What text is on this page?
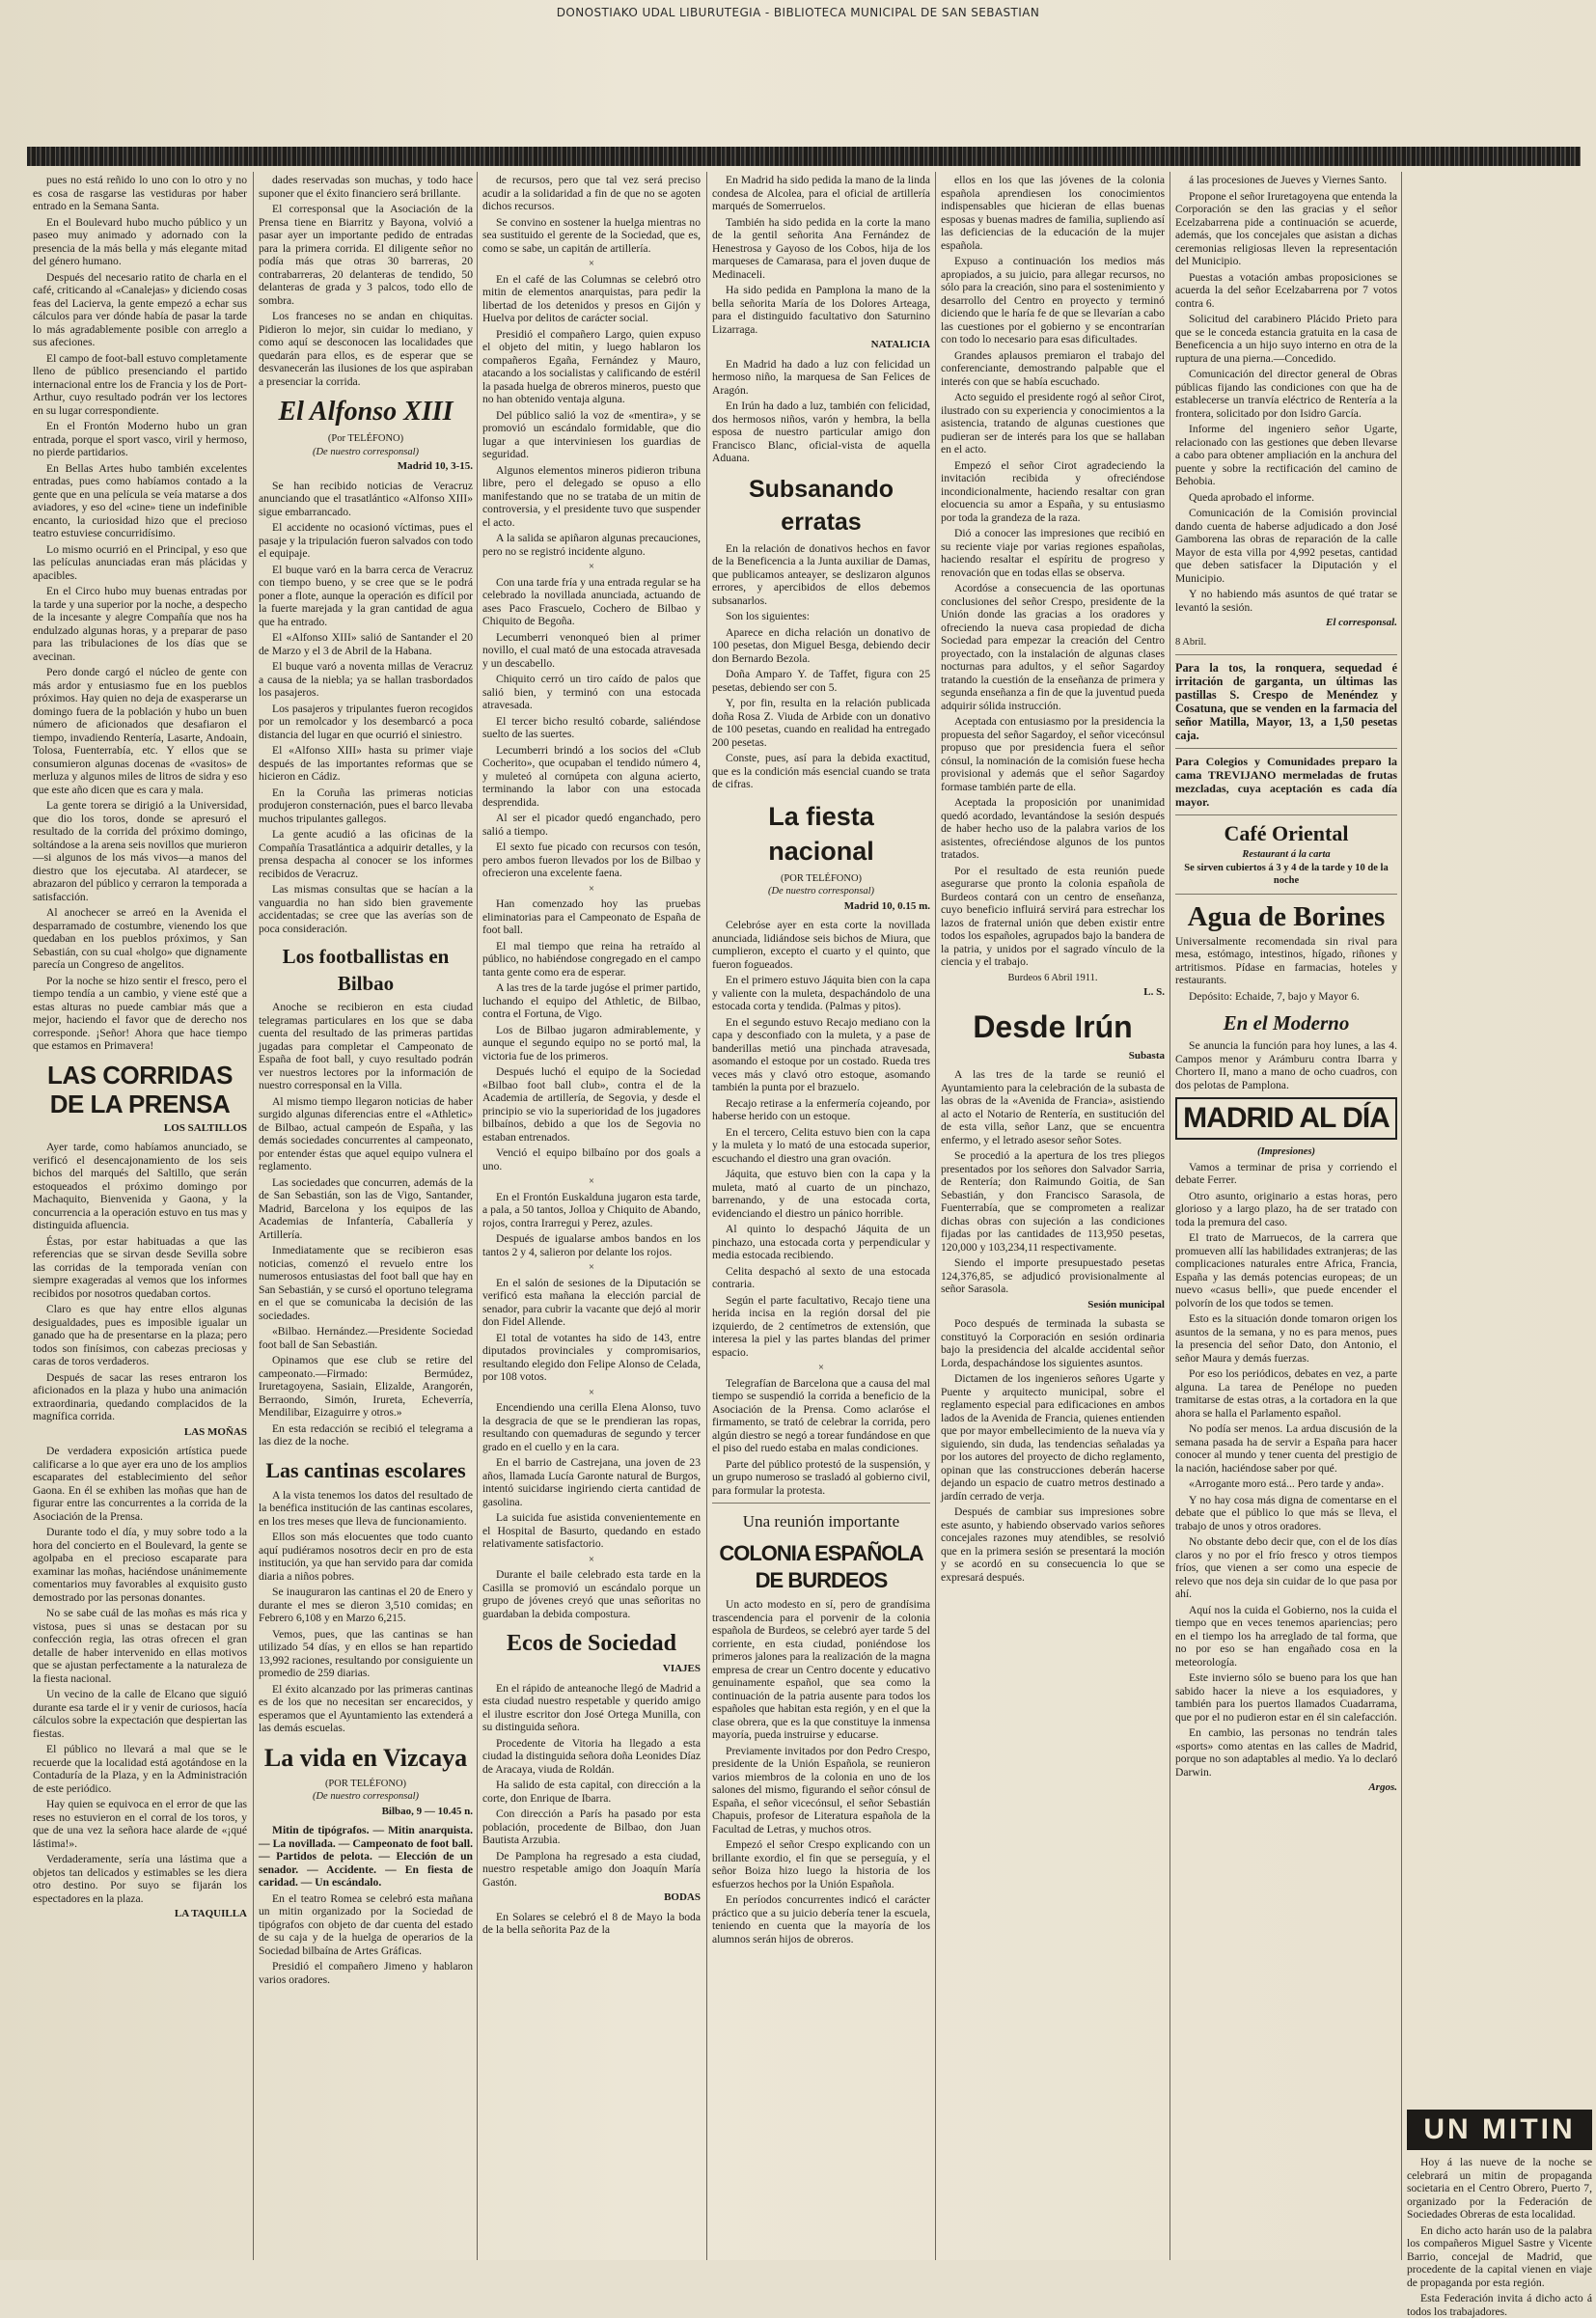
DONOSTIAKO UDAL LIBURUTEGIA - BIBLIOTECA MUNICIPAL DE SAN SEBASTIAN

pues no está reñido lo uno con lo otro y no es cosa de rasgarse las vestiduras por haber entrado en la Semana Santa.

En el Boulevard hubo mucho público y un paseo muy animado y adornado con la presencia de la más bella y más elegante mitad del género humano.

Después del necesario ratito de charla en el café, criticando al «Canalejas» y diciendo cosas feas del Lacierva, la gente empezó a echar sus cálculos para ver dónde había de pasar la tarde lo más agradablemente posible con arreglo a sus afeciones.

El campo de foot-ball estuvo completamente lleno de público presenciando el partido internacional entre los de Francia y los de Port-Arthur, cuyo resultado podrán ver los lectores en su lugar correspondiente.

En el Frontón Moderno hubo un gran entrada, porque el sport vasco, viril y hermoso, no pierde partidarios.

En Bellas Artes hubo también excelentes entradas, pues como habíamos contado a la gente que en una película se veía matarse a dos aviadores, y eso del «cine» tiene un indefinible encanto, la curiosidad hizo que el precioso teatro estuviese concurridísimo.

Lo mismo ocurrió en el Principal, y eso que las películas anunciadas eran más plácidas y apacibles.

En el Circo hubo muy buenas entradas por la tarde y una superior por la noche, a despecho de la incesante y alegre Compañía que nos ha endulzado algunas horas, y a preparar de paso para las tribulaciones de los días que se avecinan.

Pero donde cargó el núcleo de gente con más ardor y entusiasmo fue en los pueblos próximos. Hay quien no deja de exasperarse un domingo fuera de la población y hubo un buen número de aficionados que desafiaron el tiempo, invadiendo Rentería, Lasarte, Andoain, Tolosa, Fuenterrabía, etc. Y ellos que se consumieron algunas docenas de «vasitos» de merluza y algunos miles de litros de sidra y eso que este año dicen que es cara y mala.

La gente torera se dirigió a la Universidad, que dio los toros, donde se apresuró el resultado de la corrida del próximo domingo, soltándose a la arena seis novillos que murieron—si algunos de los más vivos—a manos del diestro que los ejecutaba. Al atardecer, se abrazaron del público y cerraron la temporada a satisfacción.

Al anochecer se arreó en la Avenida el desparramado de costumbre, vienendo los que quedaban en los pueblos próximos, y San Sebastián, con su cual «holgo» que dignamente parecía un Congreso de angelitos.

Por la noche se hizo sentir el fresco, pero el tiempo tendía a un cambio, y viene esté que a estas alturas no puede cambiar más que a mejor, haciendo el favor que de derecho nos corresponde. ¡Señor! Ahora que hace tiempo que estamos en Primavera!

LAS CORRIDAS DE LA PRENSA
LOS SALTILLOS

Ayer tarde, como habíamos anunciado, se verificó el desencajonamiento de los seis bichos del marqués del Saltillo, que serán estoqueados el próximo domingo por Machaquito, Bienvenida y Gaona, y la concurrencia a la operación estuvo en tus mas y distinguida afluencia.

Éstas, por estar habituadas a que las referencias que se sirvan desde Sevilla sobre las corridas de la temporada venían con siempre exageradas al vemos que los informes recibidos por nosotros quedaban cortos.

Claro es que hay entre ellos algunas desigualdades, pues es imposible igualar un ganado que ha de presentarse en la plaza; pero todos son finísimos, con cabezas preciosas y caras de toros verdaderos.

Después de sacar las reses entraron los aficionados en la plaza y hubo una animación extraordinaria, quedando complacidos de la magnífica corrida.

LAS MOÑAS

De verdadera exposición artística puede calificarse a lo que ayer era uno de los amplios escaparates del establecimiento del señor Gaona. En él se exhiben las moñas que han de figurar entre las concurrentes a la corrida de la Asociación de la Prensa.

Durante todo el día, y muy sobre todo a la hora del concierto en el Boulevard, la gente se agolpaba en el precioso escaparate para examinar las moñas, haciéndose unánimemente comentarios muy favorables al exquisito gusto demostrado por las personas donantes.

No se sabe cuál de las moñas es más rica y vistosa, pues si unas se destacan por su confección regia, las otras ofrecen el gran detalle de haber intervenido en ellas motivos que se ajustan perfectamente a la naturaleza de la fiesta nacional.

Un vecino de la calle de Elcano que siguió durante esa tarde el ir y venir de curiosos, hacía cálculos sobre la expectación que despiertan las fiestas.

El público no llevará a mal que se le recuerde que la localidad está agotándose en la Contaduría de la Plaza, y en la Administración de este periódico.

Hay quien se equivoca en el error de que las reses no estuvieron en el corral de los toros, y que de una vez la señora hace alarde de «¡qué lástima!».

Verdaderamente, sería una lástima que a objetos tan delicados y estimables se les diera otro destino. Por suyo se fijarán los espectadores en la plaza.

LA TAQUILLA

dades reservadas son muchas, y todo hace suponer que el éxito financiero será brillante.

El corresponsal que la Asociación de la Prensa tiene en Biarritz y Bayona, volvió a pasar ayer un importante pedido de entradas para la primera corrida. El diligente señor no podía más que otras 30 barreras, 20 contrabarreras, 20 delanteras de tendido, 50 delanteras de grada y 3 palcos, todo ello de sombra.

Los franceses no se andan en chiquitas. Pidieron lo mejor, sin cuidar lo mediano, y como aquí se desconocen las localidades que quedarán para ellos, es de esperar que se desvanecerán las ilusiones de los que aspiraban a presenciar la corrida.

El Alfonso XIII
(Por TELÉFONO)
(De nuestro corresponsal)
Madrid 10, 3-15.

Se han recibido noticias de Veracruz anunciando que el trasatlántico «Alfonso XIII» sigue embarrancado.

El accidente no ocasionó víctimas, pues el pasaje y la tripulación fueron salvados con todo el equipaje.

El buque varó en la barra cerca de Veracruz con tiempo bueno, y se cree que se le podrá poner a flote, aunque la operación es difícil por la fuerte marejada y la gran cantidad de agua que ha entrado.

El «Alfonso XIII» salió de Santander el 20 de Marzo y el 3 de Abril de la Habana.

El buque varó a noventa millas de Veracruz a causa de la niebla; ya se hallan trasbordados los pasajeros.

Los pasajeros y tripulantes fueron recogidos por un remolcador y los desembarcó a poca distancia del lugar en que ocurrió el siniestro.

El «Alfonso XIII» hasta su primer viaje después de las importantes reformas que se hicieron en Cádiz.

En la Coruña las primeras noticias produjeron consternación, pues el barco llevaba muchos tripulantes gallegos.

La gente acudió a las oficinas de la Compañía Trasatlántica a adquirir detalles, y la prensa despacha al conocer se los informes recibidos de Veracruz.

Las mismas consultas que se hacían a la vanguardia no han sido bien gravemente accidentadas; se cree que las averías son de poca consideración.

Los footballistas en Bilbao

Anoche se recibieron en esta ciudad telegramas particulares en los que se daba cuenta del resultado de las primeras partidas jugadas para completar el Campeonato de España de foot ball, y cuyo resultado podrán ver nuestros lectores por la información de nuestro corresponsal en la Villa.

Al mismo tiempo llegaron noticias de haber surgido algunas diferencias entre el «Athletic» de Bilbao, actual campeón de España, y las demás sociedades concurrentes al campeonato, por entender éstas que aquel equipo vulnera el reglamento.

Las sociedades que concurren, además de la de San Sebastián, son las de Vigo, Santander, Madrid, Barcelona y los equipos de las Academias de Infantería, Caballería y Artillería.

Inmediatamente que se recibieron esas noticias, comenzó el revuelo entre los numerosos entusiastas del foot ball que hay en San Sebastián, y se cursó el oportuno telegrama en el que se comunicaba la decisión de las sociedades.

«Bilbao. Hernández.—Presidente Sociedad foot ball de San Sebastián.

Opinamos que ese club se retire del campeonato.—Firmado: Bermúdez, Iruretagoyena, Sasiain, Elizalde, Arangorén, Berraondo, Simón, Irureta, Echeverría, Mendilibar, Eizaguirre y otros.»

En esta redacción se recibió el telegrama a las diez de la noche.

Las cantinas escolares

A la vista tenemos los datos del resultado de la benéfica institución de las cantinas escolares, en los tres meses que lleva de funcionamiento.

Ellos son más elocuentes que todo cuanto aquí pudiéramos nosotros decir en pro de esta institución, ya que han servido para dar comida diaria a niños pobres.

Se inauguraron las cantinas el 20 de Enero y durante el mes se dieron 3,510 comidas; en Febrero 6,108 y en Marzo 6,215.

Vemos, pues, que las cantinas se han utilizado 54 días, y en ellos se han repartido 13,992 raciones, resultando por consiguiente un promedio de 259 diarias.

El éxito alcanzado por las primeras cantinas es de los que no necesitan ser encarecidos, y esperamos que el Ayuntamiento las extenderá a las demás escuelas.

La vida en Vizcaya
(POR TELÉFONO)
(De nuestro corresponsal)
Bilbao, 9 — 10.45 n.

Mitin de tipógrafos. — Mitin anarquista. — La novillada. — Campeonato de foot ball. — Partidos de pelota. — Elección de un senador. — Accidente. — En fiesta de caridad. — Un escándalo.

En el teatro Romea se celebró esta mañana un mitin organizado por la Sociedad de tipógrafos con objeto de dar cuenta del estado de su caja y de la huelga de operarios de la Sociedad bilbaína de Artes Gráficas.

Presidió el compañero Jimeno y hablaron varios oradores.

de recursos, pero que tal vez será preciso acudir a la solidaridad a fin de que no se agoten dichos recursos.

Se convino en sostener la huelga mientras no sea sustituido el gerente de la Sociedad, que es, como se sabe, un capitán de artillería.

×

En el café de las Columnas se celebró otro mitin de elementos anarquistas, para pedir la libertad de los detenidos y presos en Gijón y Huelva por delitos de carácter social.

Presidió el compañero Largo, quien expuso el objeto del mitin, y luego hablaron los compañeros Egaña, Fernández y Mauro, atacando a los socialistas y calificando de estéril la pasada huelga de obreros mineros, puesto que no han obtenido ventaja alguna.

Del público salió la voz de «mentira», y se promovió un escándalo formidable, que dio lugar a que interviniesen los guardias de seguridad.

Algunos elementos mineros pidieron tribuna libre, pero el delegado se opuso a ello manifestando que no se trataba de un mitin de controversia, y el presidente tuvo que suspender el acto.

A la salida se apiñaron algunas precauciones, pero no se registró incidente alguno.

×

Con una tarde fría y una entrada regular se ha celebrado la novillada anunciada, actuando de ases Paco Frascuelo, Cochero de Bilbao y Chiquito de Begoña.

Lecumberri venonqueó bien al primer novillo, el cual mató de una estocada atravesada y un descabello.

Chiquito cerró un tiro caído de palos que salió bien, y terminó con una estocada atravesada.

El tercer bicho resultó cobarde, saliéndose suelto de las suertes.

Lecumberri brindó a los socios del «Club Cocherito», que ocupaban el tendido número 4, y muleteó al cornúpeta con alguna acierto, terminando la labor con una estocada desprendida.

Al ser el picador quedó enganchado, pero salió a tiempo.

El sexto fue picado con recursos con tesón, pero ambos fueron llevados por los de Bilbao y ofrecieron una excelente faena.

×

Han comenzado hoy las pruebas eliminatorias para el Campeonato de España de foot ball.

El mal tiempo que reina ha retraído al público, no habiéndose congregado en el campo tanta gente como era de esperar.

A las tres de la tarde jugóse el primer partido, luchando el equipo del Athletic, de Bilbao, contra el Fortuna, de Vigo.

Los de Bilbao jugaron admirablemente, y aunque el segundo equipo no se portó mal, la victoria fue de los primeros.

Después luchó el equipo de la Sociedad «Bilbao foot ball club», contra el de la Academia de artillería, de Segovia, y desde el principio se vio la superioridad de los jugadores bilbaínos, debido a que los de Segovia no estaban entrenados.

Venció el equipo bilbaíno por dos goals a uno.

×

En el Frontón Euskalduna jugaron esta tarde, a pala, a 50 tantos, Jolloa y Chiquito de Abando, rojos, contra Irarregui y Perez, azules.

Después de igualarse ambos bandos en los tantos 2 y 4, salieron por delante los rojos.

×

En el salón de sesiones de la Diputación se verificó esta mañana la elección parcial de senador, para cubrir la vacante que dejó al morir don Fidel Allende.

El total de votantes ha sido de 143, entre diputados provinciales y compromisarios, resultando elegido don Felipe Alonso de Celada, por 108 votos.

×

Encendiendo una cerilla Elena Alonso, tuvo la desgracia de que se le prendieran las ropas, resultando con quemaduras de segundo y tercer grado en el cuello y en la cara.

En el barrio de Castrejana, una joven de 23 años, llamada Lucía Garonte natural de Burgos, intentó suicidarse ingiriendo cierta cantidad de gasolina.

La suicida fue asistida convenientemente en el Hospital de Basurto, quedando en estado relativamente satisfactorio.

×

Durante el baile celebrado esta tarde en la Casilla se promovió un escándalo porque un grupo de jóvenes creyó que unas señoritas no guardaban la debida compostura.

Ecos de Sociedad
VIAJES

En el rápido de anteanoche llegó de Madrid a esta ciudad nuestro respetable y querido amigo el ilustre escritor don José Ortega Munilla, con su distinguida señora.

Procedente de Vitoria ha llegado a esta ciudad la distinguida señora doña Leonides Díaz de Aracaya, viuda de Roldán.

Ha salido de esta capital, con dirección a la corte, don Enrique de Ibarra.

Con dirección a París ha pasado por esta población, procedente de Bilbao, don Juan Bautista Arzubia.

De Pamplona ha regresado a esta ciudad, nuestro respetable amigo don Joaquín María Gastón.

BODAS

En Solares se celebró el 8 de Mayo la boda de la bella señorita Paz de la

En Madrid ha sido pedida la mano de la linda condesa de Alcolea, para el oficial de artillería marqués de Somerruelos.

También ha sido pedida en la corte la mano de la gentil señorita Ana Fernández de Henestrosa y Gayoso de los Cobos, hija de los marqueses de Camarasa, para el joven duque de Medinaceli.

Ha sido pedida en Pamplona la mano de la bella señorita María de los Dolores Arteaga, para el distinguido facultativo don Saturnino Lizarraga.

NATALICIA

En Madrid ha dado a luz con felicidad un hermoso niño, la marquesa de San Felices de Aragón.

En Irún ha dado a luz, también con felicidad, dos hermosos niños, varón y hembra, la bella esposa de nuestro particular amigo don Francisco Blanc, oficial-vista de aquella Aduana.

Subsanando erratas

En la relación de donativos hechos en favor de la Beneficencia a la Junta auxiliar de Damas, que publicamos anteayer, se deslizaron algunos errores, y apercibidos de ellos debemos subsanarlos.

Son los siguientes:

Aparece en dicha relación un donativo de 100 pesetas, don Miguel Besga, debiendo decir don Bernardo Bezola.

Doña Amparo Y. de Taffet, figura con 25 pesetas, debiendo ser con 5.

Y, por fin, resulta en la relación publicada doña Rosa Z. Viuda de Arbide con un donativo de 100 pesetas, cuando en realidad ha entregado 200 pesetas.

Conste, pues, así para la debida exactitud, que es la condición más esencial cuando se trata de cifras.

La fiesta nacional
(POR TELÉFONO)
(De nuestro corresponsal)
Madrid 10, 0.15 m.

Celebróse ayer en esta corte la novillada anunciada, lidiándose seis bichos de Miura, que cumplieron, excepto el cuarto y el quinto, que fueron fogueados.

En el primero estuvo Jáquita bien con la capa y valiente con la muleta, despachándolo de una estocada corta y tendida. (Palmas y pitos).

En el segundo estuvo Recajo mediano con la capa y desconfiado con la muleta, y a pase de banderillas metió una pinchada atravesada, asomando el estoque por un costado. Rueda tres veces más y clavó otro estoque, asomando también la punta por el brazuelo.

Recajo retirase a la enfermería cojeando, por haberse herido con un estoque.

En el tercero, Celita estuvo bien con la capa y la muleta y lo mató de una estocada superior, escuchando el diestro una gran ovación.

Jáquita, que estuvo bien con la capa y la muleta, mató al cuarto de un pinchazo, barrenando, y de una estocada corta, evidenciando el diestro un pánico horrible.

Al quinto lo despachó Jáquita de un pinchazo, una estocada corta y perpendicular y media estocada recibiendo.

Celita despachó al sexto de una estocada contraria.

Según el parte facultativo, Recajo tiene una herida incisa en la región dorsal del pie izquierdo, de 2 centímetros de extensión, que interesa la piel y las partes blandas del primer espacio.

×

Telegrafían de Barcelona que a causa del mal tiempo se suspendió la corrida a beneficio de la Asociación de la Prensa. Como aclaróse el firmamento, se trató de celebrar la corrida, pero algún diestro se negó a torear fundándose en que el piso del ruedo estaba en malas condiciones.

Parte del público protestó de la suspensión, y un grupo numeroso se trasladó al gobierno civil, para formular la protesta.

Una reunión importante
COLONIA ESPAÑOLA DE BURDEOS

Un acto modesto en sí, pero de grandísima trascendencia para el porvenir de la colonia española de Burdeos, se celebró ayer tarde 5 del corriente, en esta ciudad, poniéndose los primeros jalones para la realización de la magna empresa de crear un Centro docente y educativo genuinamente español, que sea como la continuación de la patria ausente para todos los españoles que habitan esta región, y en el que la clase obrera, que es la que constituye la inmensa mayoría, pueda instruirse y educarse.

Previamente invitados por don Pedro Crespo, presidente de la Unión Española, se reunieron varios miembros de la colonia en uno de los salones del mismo, figurando el señor cónsul de España, el señor vicecónsul, el señor Sebastián Chapuis, profesor de Literatura española de la Facultad de Letras, y muchos otros.

Empezó el señor Crespo explicando con un brillante exordio, el fin que se perseguía, y el señor Boiza hizo luego la historia de los esfuerzos hechos por la Unión Española.

En períodos concurrentes indicó el carácter práctico que a su juicio debería tener la escuela, teniendo en cuenta que la mayoría de los alumnos serán hijos de obreros.

ellos en los que las jóvenes de la colonia española aprendiesen los conocimientos indispensables que hicieran de ellas buenas esposas y buenas madres de familia, supliendo así las deficiencias de la educación de la mujer española.

Expuso a continuación los medios más apropiados, a su juicio, para allegar recursos, no sólo para la creación, sino para el sostenimiento y desarrollo del Centro en proyecto y terminó diciendo que le haría fe de que se llevarían a cabo las cuestiones por el gobierno y se encontrarían con todo lo necesario para esas dificultades.

Grandes aplausos premiaron el trabajo del conferenciante, demostrando palpable que el interés con que se había escuchado.

Acto seguido el presidente rogó al señor Cirot, ilustrado con su experiencia y conocimientos a la asistencia, tratando de algunas cuestiones que pudieran ser de interés para los que se hallaban en el acto.

Empezó el señor Cirot agradeciendo la invitación recibida y ofreciéndose incondicionalmente, haciendo resaltar con gran elocuencia su amor a España, y su entusiasmo por toda la grandeza de la raza.

Dió a conocer las impresiones que recibió en su reciente viaje por varias regiones españolas, haciendo resaltar el espíritu de progreso y renovación que en todas ellas se observa.

Acordóse a consecuencia de las oportunas conclusiones del señor Crespo, presidente de la Unión donde las gracias a los oradores y ofreciendo la nueva casa propiedad de dicha Sociedad para empezar la creación del Centro proyectado, con la instalación de algunas clases nocturnas para adultos, y el señor Sagardoy tratando la cuestión de la enseñanza de primera y segunda enseñanza a fin de que la juventud pueda adquirir sólida instrucción.

Aceptada con entusiasmo por la presidencia la propuesta del señor Sagardoy, el señor vicecónsul propuso que por presidencia fuera el señor cónsul, la nominación de la comisión fuese hecha provisional y además que el señor Sagardoy formase también parte de ella.

Aceptada la proposición por unanimidad quedó acordado, levantándose la sesión después de haber hecho uso de la palabra varios de los asistentes, ofreciéndose algunos de los puntos tratados.

Por el resultado de esta reunión puede asegurarse que pronto la colonia española de Burdeos contará con un centro de enseñanza, cuyo beneficio influirá servirá para estrechar los lazos de fraternal unión que deben existir entre todos los españoles, agrupados bajo la bandera de la patria, y unidos por el sagrado vínculo de la ciencia y el trabajo.

Burdeos 6 Abril 1911.
L. S.
Desde Irún
Subasta

A las tres de la tarde se reunió el Ayuntamiento para la celebración de la subasta de las obras de la «Avenida de Francia», asistiendo al acto el Notario de Rentería, en sustitución del de esta villa, señor Lanz, que se encuentra enfermo, y el letrado asesor señor Sotes.

Se procedió a la apertura de los tres pliegos presentados por los señores don Salvador Sarria, de Rentería; don Raimundo Goitia, de San Sebastián, y don Francisco Sarasola, de Fuenterrabía, que se comprometen a realizar dichas obras con sujeción a las condiciones fijadas por las cantidades de 113,950 pesetas, 120,000 y 103,234,11 respectivamente.

Siendo el importe presupuestado pesetas 124,376,85, se adjudicó provisionalmente al señor Sarasola.

Sesión municipal

Poco después de terminada la subasta se constituyó la Corporación en sesión ordinaria bajo la presidencia del alcalde accidental señor Lorda, despachándose los siguientes asuntos.

Dictamen de los ingenieros señores Ugarte y Puente y arquitecto municipal, sobre el reglamento especial para edificaciones en ambos lados de la Avenida de Francia, quienes entienden que por mayor embellecimiento de la nueva vía y siguiendo, sin duda, las tendencias señaladas ya por los autores del proyecto de dicho reglamento, opinan que las construcciones deberán hacerse dejando un espacio de cuatro metros destinado a jardín cerrado de verja.

Después de cambiar sus impresiones sobre este asunto, y habiendo observado varios señores concejales razones muy atendibles, se resolvió que en la primera sesión se presentará la moción y se acordó en su consecuencia lo que se expresará después.

á las procesiones de Jueves y Viernes Santo.

Propone el señor Iruretagoyena que entenda la Corporación se den las gracias y el señor Ecelzabarrena pide a continuación se acuerde, además, que los concejales que asistan a dichas ceremonias religiosas lleven la representación del Municipio.

Puestas a votación ambas proposiciones se acuerda la del señor Ecelzabarrena por 7 votos contra 6.

Solicitud del carabinero Plácido Prieto para que se le conceda estancia gratuita en la casa de Beneficencia a un hijo suyo interno en otra de la ruptura de una pierna.—Concedido.

Comunicación del director general de Obras públicas fijando las condiciones con que ha de establecerse un tranvía eléctrico de Rentería a la frontera, solicitado por don Isidro García.

Informe del ingeniero señor Ugarte, relacionado con las gestiones que deben llevarse a cabo para obtener ampliación en la anchura del puente y sobre la rectificación del camino de Behobia.

Queda aprobado el informe.

Comunicación de la Comisión provincial dando cuenta de haberse adjudicado a don José Gamborena las obras de reparación de la calle Mayor de esta villa por 4,992 pesetas, cantidad que deben satisfacer la Diputación y el Municipio.

Y no habiendo más asuntos de qué tratar se levantó la sesión.

El corresponsal.
8 Abril.

Para la tos, la ronquera, sequedad é irritación de garganta, un últimas las pastillas S. Crespo de Menéndez y Cosatuna, que se venden en la farmacia del señor Matilla, Mayor, 13, a 1,50 pesetas caja.

Para Colegios y Comunidades preparo la cama TREVIJANO mermeladas de frutas mezcladas, cuya aceptación es cada día mayor.

Café Oriental
Restaurant á la carta
Se sirven cubiertos á 3 y 4 de la tarde y 10 de la noche
Agua de Borines

Universalmente recomendada sin rival para mesa, estómago, intestinos, hígado, riñones y artritismos. Pídase en farmacias, hoteles y restaurants.

Depósito: Echaide, 7, bajo y Mayor 6.

En el Moderno

Se anuncia la función para hoy lunes, a las 4. Campos menor y Arámburu contra Ibarra y Chortero II, mano a mano de ocho cuadros, con dos pelotas de Pamplona.

MADRID AL DÍA
(Impresiones)

Vamos a terminar de prisa y corriendo el debate Ferrer.

Otro asunto, originario a estas horas, pero glorioso y a largo plazo, ha de ser tratado con toda la premura del caso.

El trato de Marruecos, de la carrera que promueven allí las habilidades extranjeras; de las complicaciones naturales entre Africa, Francia, España y las demás potencias europeas; de un nuevo «casus belli», que puede encender el polvorín de los que todos se temen.

Esto es la situación donde tomaron origen los asuntos de la semana, y no es para menos, pues la presencia del señor Dato, don Antonio, el señor Maura y demás fuerzas.

Por eso los periódicos, debates en vez, a parte alguna. La tarea de Penélope no pueden tramitarse de estas otras, a la cortadora en la que ahora se halla el Parlamento español.

No podía ser menos. La ardua discusión de la semana pasada ha de servir a España para hacer conocer al mundo y tener cuenta del prestigio de la nación, haciéndose saber por qué.

«Arrogante moro está... Pero tarde y anda».

Y no hay cosa más digna de comentarse en el debate que el público lo que más se lleva, el trabajo de unos y otros oradores.

No obstante debo decir que, con el de los días claros y no por el frío fresco y otros tiempos fríos, que vienen a ser como una especie de relevo que nos deja sin cuidar de lo que pasa por ahí.

Aquí nos la cuida el Gobierno, nos la cuida el tiempo que en veces tenemos apariencias; pero en el tiempo los ha arreglado de tal forma, que no por eso se han engañado cosa en la meteorología.

Este invierno sólo se bueno para los que han sabido hacer la nieve a los esquiadores, y también para los puertos llamados Cuadarrama, que por el no pudieron estar en él sin calefacción.

En cambio, las personas no tendrán tales «sports» como atentas en las calles de Madrid, porque no son adaptables al medio. Ya lo declaró Darwin.

Argos.
UN MITIN

Hoy á las nueve de la noche se celebrará un mitin de propaganda societaria en el Centro Obrero, Puerto 7, organizado por la Federación de Sociedades Obreras de esta localidad.

En dicho acto harán uso de la palabra los compañeros Miguel Sastre y Vicente Barrio, concejal de Madrid, que procedente de la capital vienen en viaje de propaganda por esta región.

Esta Federación invita á dicho acto á todos los trabajadores.
